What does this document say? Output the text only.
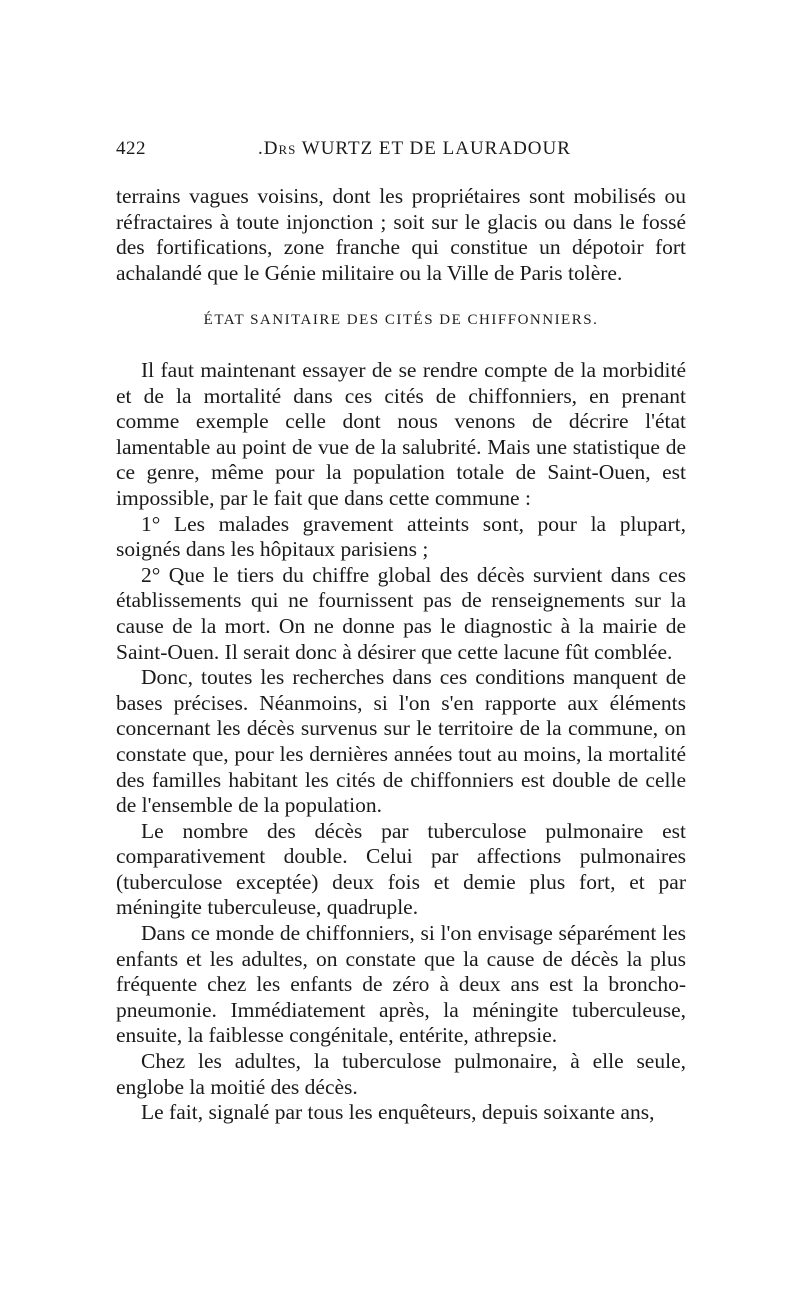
422	.Drs WURTZ ET DE LAURADOUR

terrains vagues voisins, dont les propriétaires sont mobilisés ou réfractaires à toute injonction ; soit sur le glacis ou dans le fossé des fortifications, zone franche qui constitue un dépotoir fort achalandé que le Génie militaire ou la Ville de Paris tolère.

ÉTAT SANITAIRE DES CITÉS DE CHIFFONNIERS.

Il faut maintenant essayer de se rendre compte de la morbidité et de la mortalité dans ces cités de chiffonniers, en prenant comme exemple celle dont nous venons de décrire l'état lamentable au point de vue de la salubrité. Mais une statistique de ce genre, même pour la population totale de Saint-Ouen, est impossible, par le fait que dans cette commune :

1° Les malades gravement atteints sont, pour la plupart, soignés dans les hôpitaux parisiens ;

2° Que le tiers du chiffre global des décès survient dans ces établissements qui ne fournissent pas de renseignements sur la cause de la mort. On ne donne pas le diagnostic à la mairie de Saint-Ouen. Il serait donc à désirer que cette lacune fût comblée.

Donc, toutes les recherches dans ces conditions manquent de bases précises. Néanmoins, si l'on s'en rapporte aux éléments concernant les décès survenus sur le territoire de la commune, on constate que, pour les dernières années tout au moins, la mortalité des familles habitant les cités de chiffonniers est double de celle de l'ensemble de la population.

Le nombre des décès par tuberculose pulmonaire est comparativement double. Celui par affections pulmonaires (tuberculose exceptée) deux fois et demie plus fort, et par méningite tuberculeuse, quadruple.

Dans ce monde de chiffonniers, si l'on envisage séparément les enfants et les adultes, on constate que la cause de décès la plus fréquente chez les enfants de zéro à deux ans est la broncho-pneumonie. Immédiatement après, la méningite tuberculeuse, ensuite, la faiblesse congénitale, entérite, athrepsie.

Chez les adultes, la tuberculose pulmonaire, à elle seule, englobe la moitié des décès.

Le fait, signalé par tous les enquêteurs, depuis soixante ans,
